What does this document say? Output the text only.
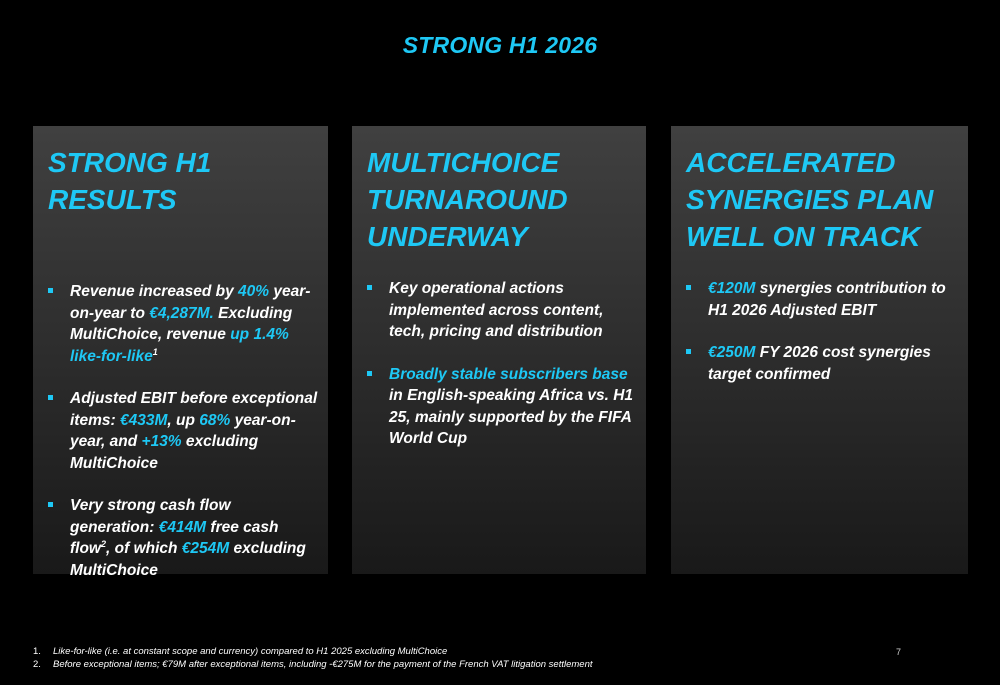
STRONG H1 2026
STRONG H1 RESULTS
Revenue increased by 40% year-on-year to €4,287M. Excluding MultiChoice, revenue up 1.4% like-for-like$^1$
Adjusted EBIT before exceptional items: €433M, up 68% year-on-year, and +13% excluding MultiChoice
Very strong cash flow generation: €414M free cash flow$^2$, of which €254M excluding MultiChoice
MULTICHOICE TURNAROUND UNDERWAY
Key operational actions implemented across content, tech, pricing and distribution
Broadly stable subscribers base in English-speaking Africa vs. H1 25, mainly supported by the FIFA World Cup
ACCELERATED SYNERGIES PLAN WELL ON TRACK
€120M synergies contribution to H1 2026 Adjusted EBIT
€250M FY 2026 cost synergies target confirmed
1. Like-for-like (i.e. at constant scope and currency) compared to H1 2025 excluding MultiChoice
2. Before exceptional items; €79M after exceptional items, including -€275M for the payment of the French VAT litigation settlement
7
